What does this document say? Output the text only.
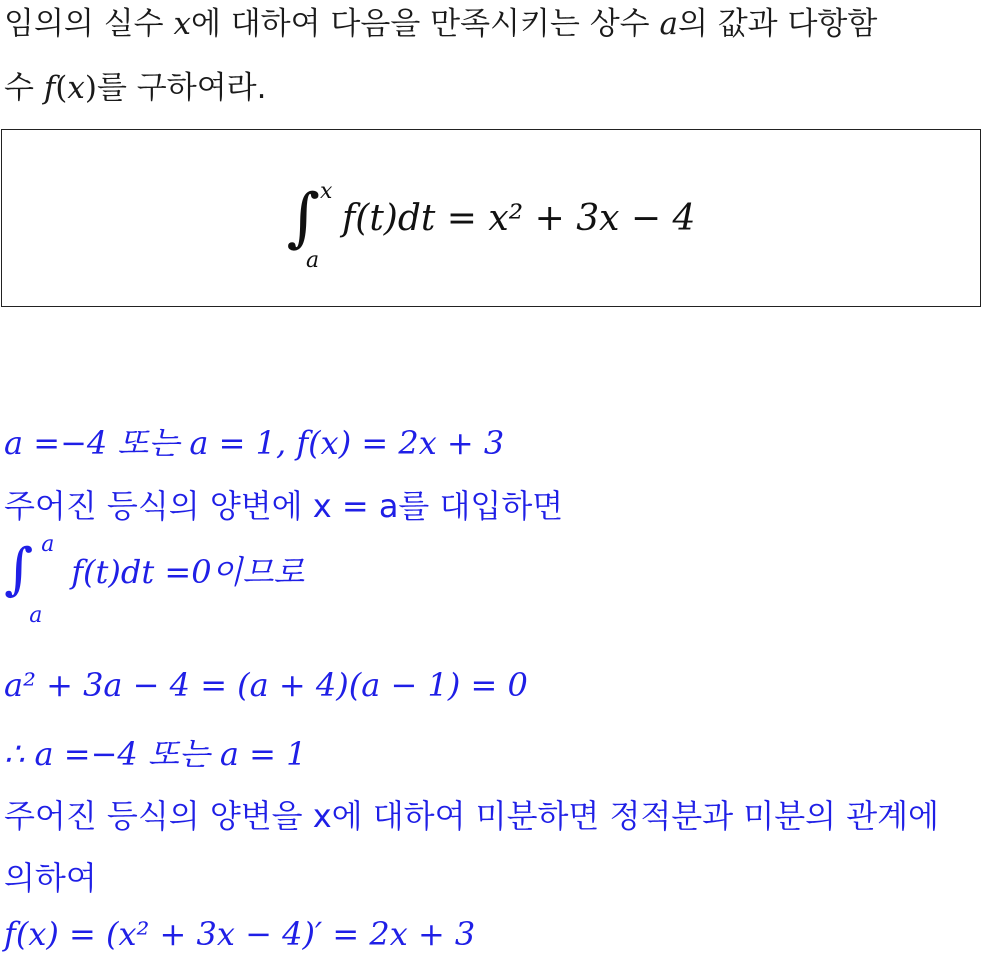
임의의 실수 x에 대하여 다음을 만족시키는 상수 a의 값과 다항함
수 f(x)를 구하여라.
∫ x
a
f(t)dt = x² + 3x − 4
a =−4 또는 a = 1, f(x) = 2x + 3
주어진 등식의 양변에 x = a를 대입하면
∫ a
a
f(t)dt =0이므로
a² + 3a − 4 = (a + 4)(a − 1) = 0
∴ a =−4 또는 a = 1
주어진 등식의 양변을 x에 대하여 미분하면 정적분과 미분의 관계에
의하여
f(x) = (x² + 3x − 4)′ = 2x + 3
